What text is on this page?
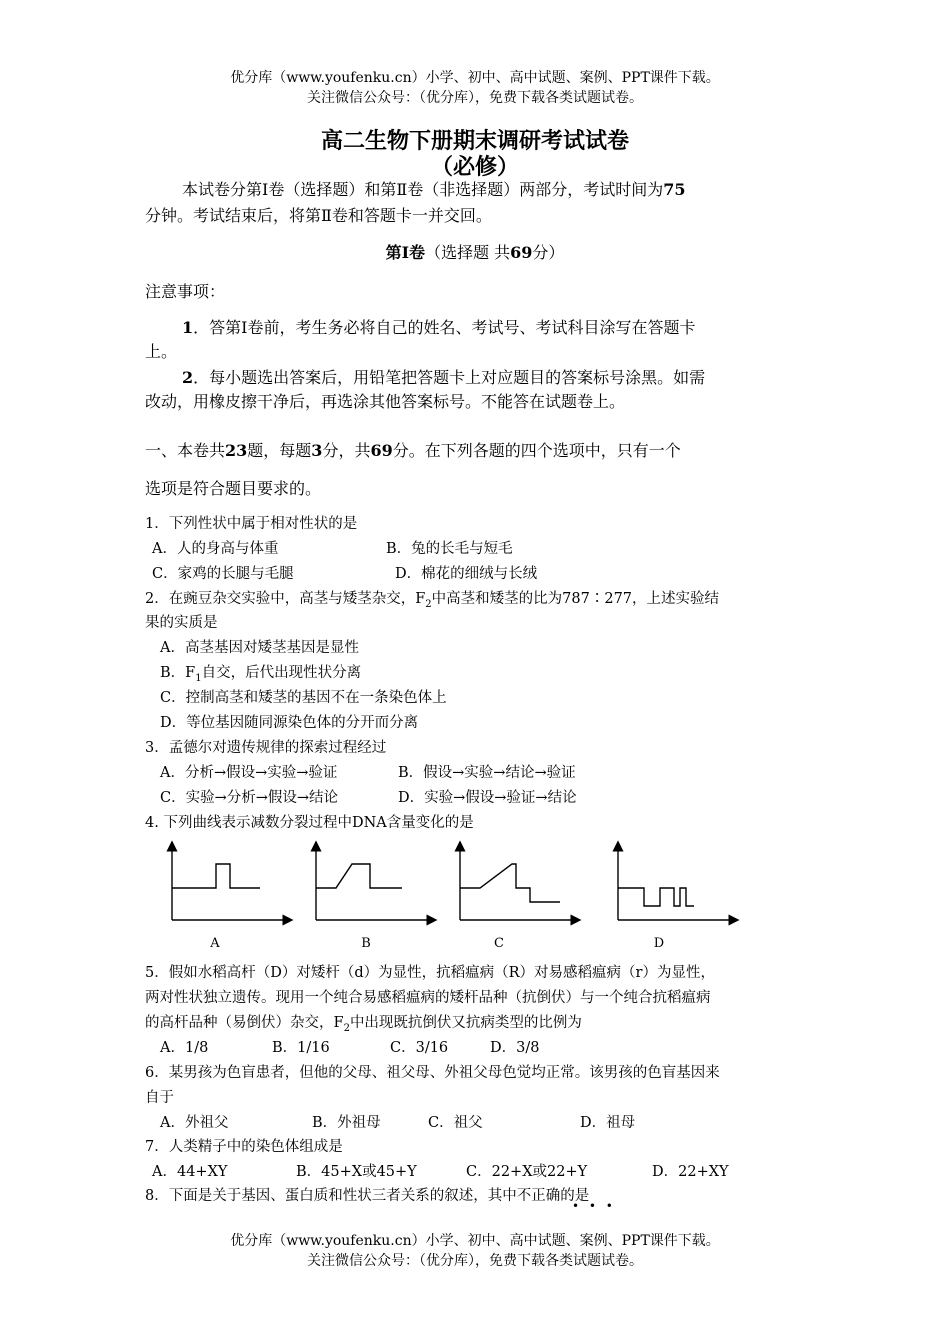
优分库（www.youfenku.cn）小学、初中、高中试题、案例、PPT课件下载。
关注微信公众号：（优分库），免费下载各类试题试卷。
高二生物下册期末调研考试试卷
（必修）
本试卷分第Ⅰ卷（选择题）和第Ⅱ卷（非选择题）两部分，考试时间为75
分钟。考试结束后，将第Ⅱ卷和答题卡一并交回。
第Ⅰ卷（选择题 共69分）
注意事项：
1．答第Ⅰ卷前，考生务必将自己的姓名、考试号、考试科目涂写在答题卡
上。
2．每小题选出答案后，用铅笔把答题卡上对应题目的答案标号涂黑。如需
改动，用橡皮擦干净后，再选涂其他答案标号。不能答在试题卷上。
一、本卷共23题，每题3分，共69分。在下列各题的四个选项中，只有一个
选项是符合题目要求的。
1．下列性状中属于相对性状的是
A．人的身高与体重	B．兔的长毛与短毛
C．家鸡的长腿与毛腿	D．棉花的细绒与长绒
2．在豌豆杂交实验中，高茎与矮茎杂交，$F_2$中高茎和矮茎的比为787∶277，上述实验结
果的实质是
A．高茎基因对矮茎基因是显性
B．$F_1$自交，后代出现性状分离
C．控制高茎和矮茎的基因不在一条染色体上
D．等位基因随同源染色体的分开而分离
3．孟德尔对遗传规律的探索过程经过
A．分析→假设→实验→验证	B．假设→实验→结论→验证
C．实验→分析→假设→结论	D．实验→假设→验证→结论
4. 下列曲线表示减数分裂过程中DNA含量变化的是
A	B	C	D
5．假如水稻高杆（D）对矮杆（d）为显性，抗稻瘟病（R）对易感稻瘟病（r）为显性，
两对性状独立遗传。现用一个纯合易感稻瘟病的矮杆品种（抗倒伏）与一个纯合抗稻瘟病
的高杆品种（易倒伏）杂交，$F_2$中出现既抗倒伏又抗病类型的比例为
A．1/8	B．1/16	C．3/16	D．3/8
6．某男孩为色盲患者，但他的父母、祖父母、外祖父母色觉均正常。该男孩的色盲基因来
自于
A．外祖父	B．外祖母	C．祖父	D．祖母
7．人类精子中的染色体组成是
A．44+XY	B．45+X或45+Y	C．22+X或22+Y	D．22+XY
8．下面是关于基因、蛋白质和性状三者关系的叙述，其中不正确的是
• • •
优分库（www.youfenku.cn）小学、初中、高中试题、案例、PPT课件下载。
关注微信公众号：（优分库），免费下载各类试题试卷。
